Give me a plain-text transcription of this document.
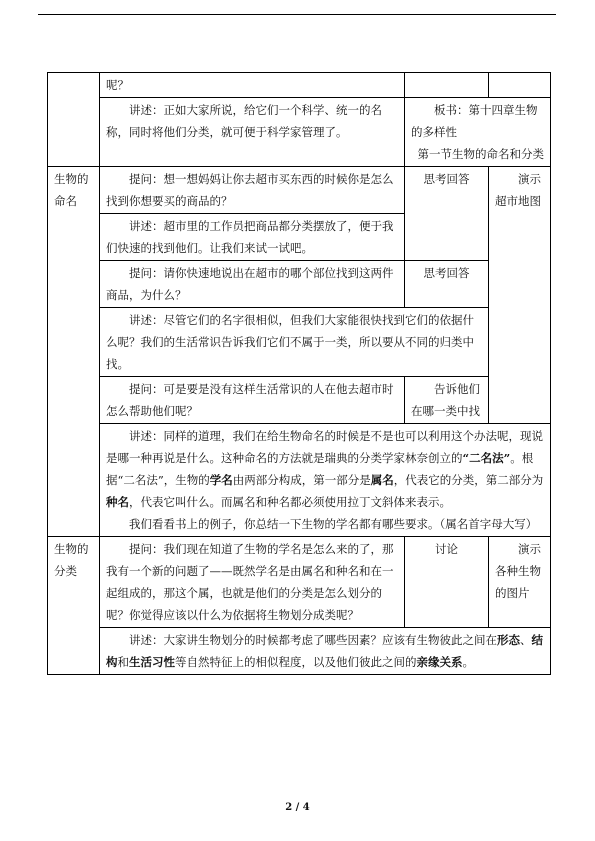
	呢？		

	讲述：正如大家所说，给它们一个科学、统一的名称，同时将他们分类，就可便于科学家管理了。	板书：第十四章生物的多样性

第一节生物的命名和分类	

生物的命名	提问：想一想妈妈让你去超市买东西的时候你是怎么找到你想要买的商品的？	思考回答	演示超市地图

	讲述：超市里的工作员把商品都分类摆放了，便于我们快速的找到他们。让我们来试一试吧。		

	提问：请你快速地说出在超市的哪个部位找到这两件商品，为什么？	思考回答	

	讲述：尽管它们的名字很相似，但我们大家能很快找到它们的依据什么呢？我们的生活常识告诉我们它们不属于一类，所以要从不同的归类中找。		

	提问：可是要是没有这样生活常识的人在他去超市时怎么帮助他们呢？	告诉他们在哪一类中找	

	讲述：同样的道理，我们在给生物命名的时候是不是也可以利用这个办法呢，现说是哪一种再说是什么。这种命名的方法就是瑞典的分类学家林奈创立的“二名法”。根据“二名法”，生物的学名由两部分构成，第一部分是属名，代表它的分类，第二部分为种名，代表它叫什么。而属名和种名都必须使用拉丁文斜体来表示。

我们看看书上的例子，你总结一下生物的学名都有哪些要求。（属名首字母大写）		

生物的分类	提问：我们现在知道了生物的学名是怎么来的了，那我有一个新的问题了——既然学名是由属名和种名和在一起组成的，那这个属，也就是他们的分类是怎么划分的呢？你觉得应该以什么为依据将生物划分成类呢？	讨论	演示各种生物的图片

	讲述：大家讲生物划分的时候都考虑了哪些因素？应该有生物彼此之间在形态、结构和生活习性等自然特征上的相似程度，以及他们彼此之间的亲缘关系。		

2 / 4
